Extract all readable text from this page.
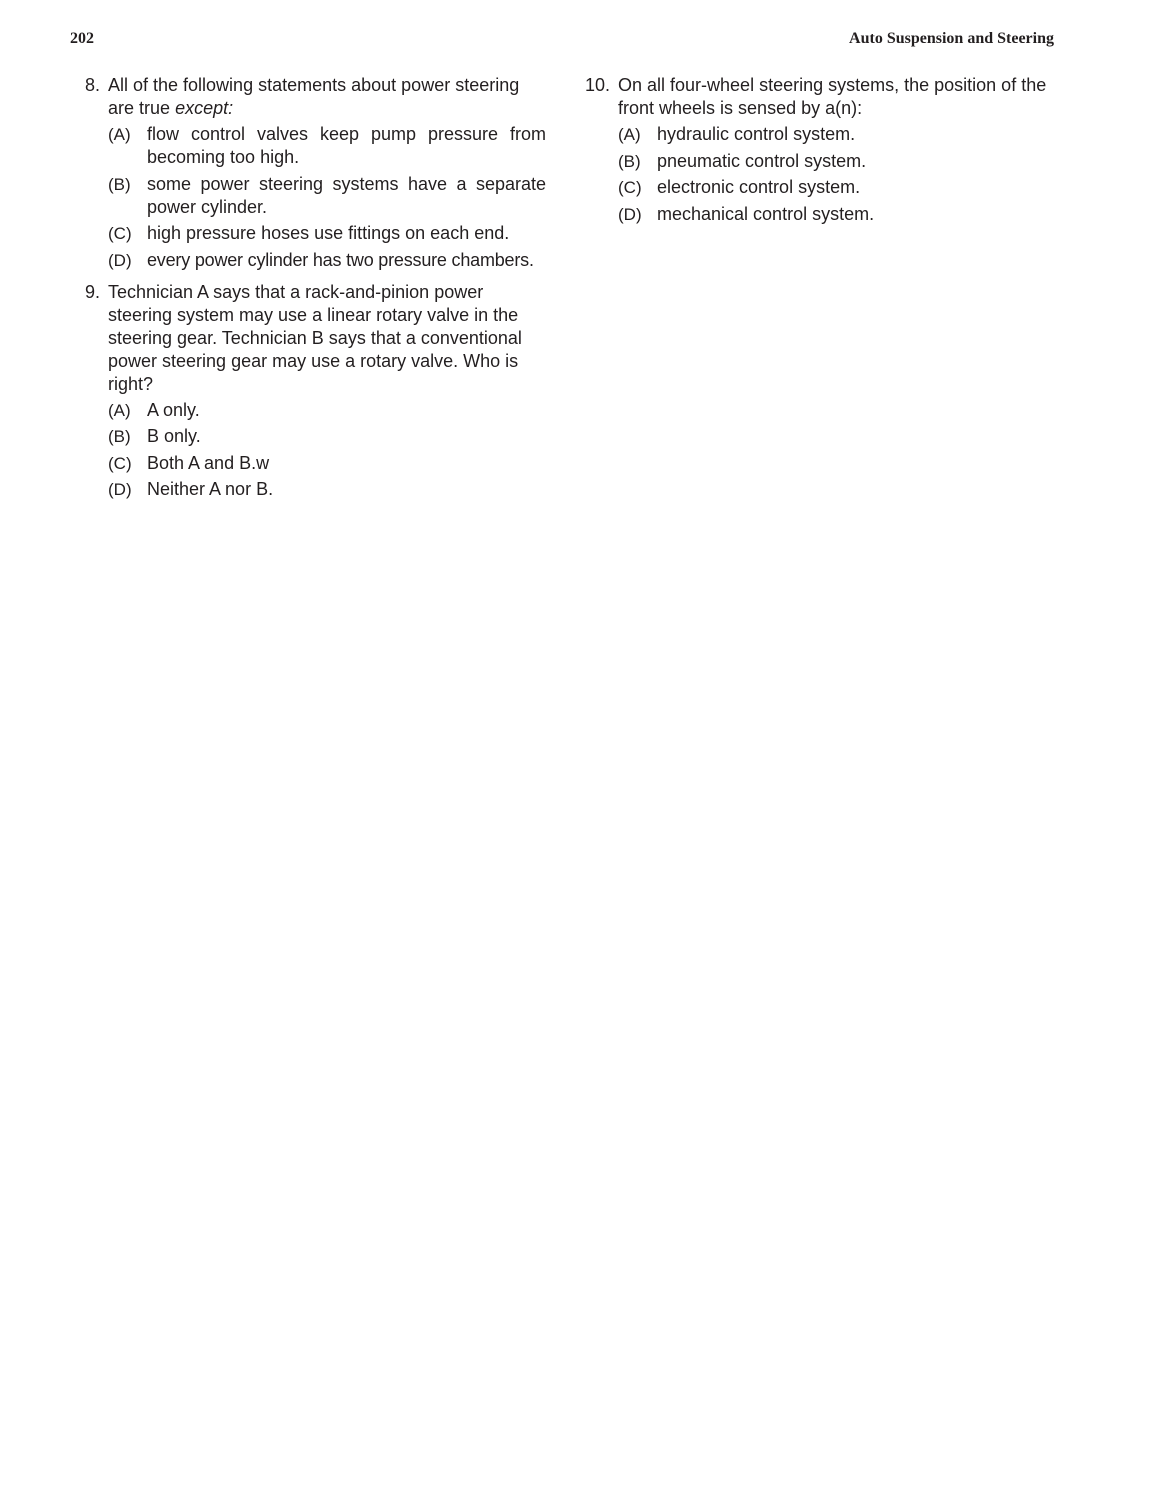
202	Auto Suspension and Steering
8. All of the following statements about power steering are true except:
(A) flow control valves keep pump pressure from becoming too high.
(B) some power steering systems have a separate power cylinder.
(C) high pressure hoses use fittings on each end.
(D) every power cylinder has two pressure chambers.
9. Technician A says that a rack-and-pinion power steering system may use a linear rotary valve in the steering gear. Technician B says that a conventional power steering gear may use a rotary valve. Who is right?
(A) A only.
(B) B only.
(C) Both A and B.w
(D) Neither A nor B.
10. On all four-wheel steering systems, the position of the front wheels is sensed by a(n):
(A) hydraulic control system.
(B) pneumatic control system.
(C) electronic control system.
(D) mechanical control system.
